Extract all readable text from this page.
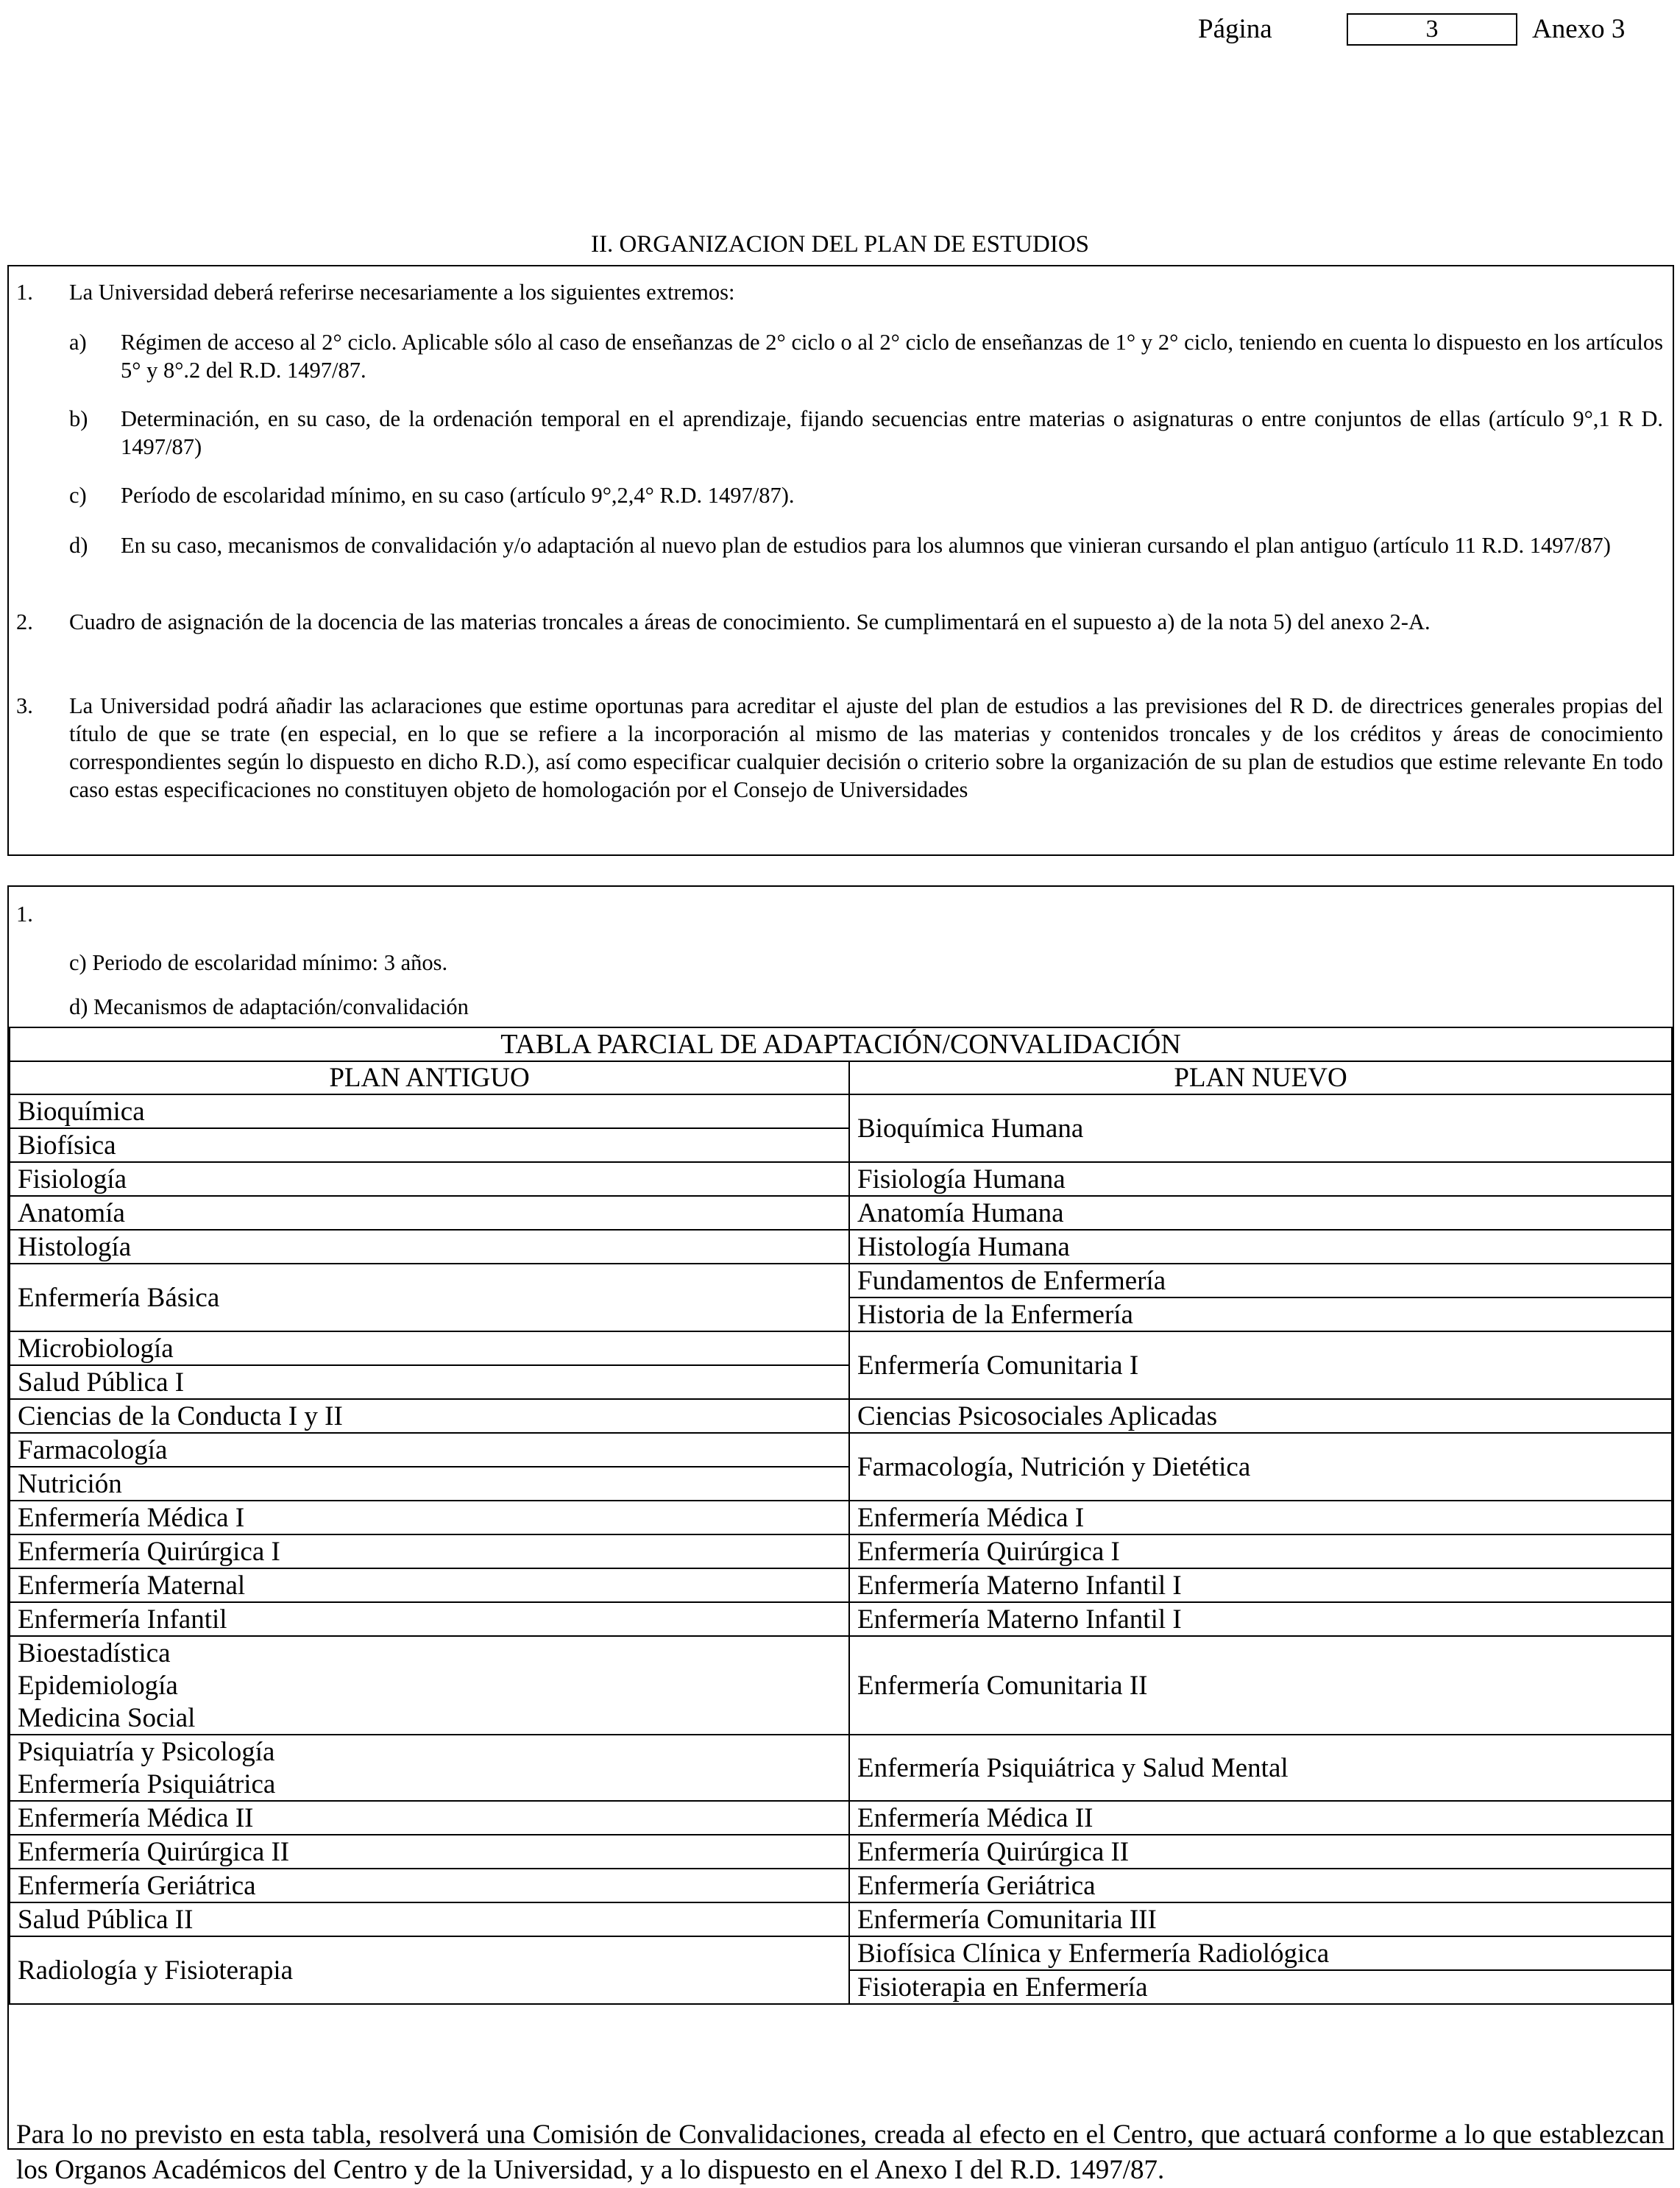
Página	3	Anexo 3
II. ORGANIZACION DEL PLAN DE ESTUDIOS
1. La Universidad deberá referirse necesariamente a los siguientes extremos:
a) Régimen de acceso al 2° ciclo. Aplicable sólo al caso de enseñanzas de 2° ciclo o al 2° ciclo de enseñanzas de 1° y 2° ciclo, teniendo en cuenta lo dispuesto en los artículos 5° y 8°.2 del R.D. 1497/87.
b) Determinación, en su caso, de la ordenación temporal en el aprendizaje, fijando secuencias entre materias o asignaturas o entre conjuntos de ellas (artículo 9°,1 R D. 1497/87)
c) Período de escolaridad mínimo, en su caso (artículo 9°,2,4° R.D. 1497/87).
d) En su caso, mecanismos de convalidación y/o adaptación al nuevo plan de estudios para los alumnos que vinieran cursando el plan antiguo (artículo 11 R.D. 1497/87)
2. Cuadro de asignación de la docencia de las materias troncales a áreas de conocimiento. Se cumplimentará en el supuesto a) de la nota 5) del anexo 2-A.
3. La Universidad podrá añadir las aclaraciones que estime oportunas para acreditar el ajuste del plan de estudios a las previsiones del R D. de directrices generales propias del título de que se trate (en especial, en lo que se refiere a la incorporación al mismo de las materias y contenidos troncales y de los créditos y áreas de conocimiento correspondientes según lo dispuesto en dicho R.D.), así como especificar cualquier decisión o criterio sobre la organización de su plan de estudios que estime relevante En todo caso estas especificaciones no constituyen objeto de homologación por el Consejo de Universidades
1.
c) Periodo de escolaridad mínimo: 3 años.
d) Mecanismos de adaptación/convalidación
TABLA PARCIAL DE ADAPTACIÓN/CONVALIDACIÓN	
PLAN ANTIGUO	PLAN NUEVO
Bioquímica	Bioquímica Humana
Biofísica	
Fisiología	Fisiología Humana
Anatomía	Anatomía Humana
Histología	Histología Humana
Enfermería Básica	Fundamentos de Enfermería
	Historia de la Enfermería
Microbiología	Enfermería Comunitaria I
Salud Pública I	
Ciencias de la Conducta I y II	Ciencias Psicosociales Aplicadas
Farmacología	Farmacología, Nutrición y Dietética
Nutrición	
Enfermería Médica I	Enfermería Médica I
Enfermería Quirúrgica I	Enfermería Quirúrgica I
Enfermería Maternal	Enfermería Materno Infantil I
Enfermería Infantil	Enfermería Materno Infantil I
Bioestadística	Enfermería Comunitaria II
Epidemiología	
Medicina Social	
Psiquiatría y Psicología	Enfermería Psiquiátrica y Salud Mental
Enfermería Psiquiátrica	
Enfermería Médica II	Enfermería Médica II
Enfermería Quirúrgica II	Enfermería Quirúrgica II
Enfermería Geriátrica	Enfermería Geriátrica
Salud Pública II	Enfermería Comunitaria III
Radiología y Fisioterapia	Biofísica Clínica y Enfermería Radiológica
	Fisioterapia en Enfermería
Para lo no previsto en esta tabla, resolverá una Comisión de Convalidaciones, creada al efecto en el Centro, que actuará conforme a lo que establezcan los Organos Académicos del Centro y de la Universidad, y a lo dispuesto en el Anexo I del R.D. 1497/87.
